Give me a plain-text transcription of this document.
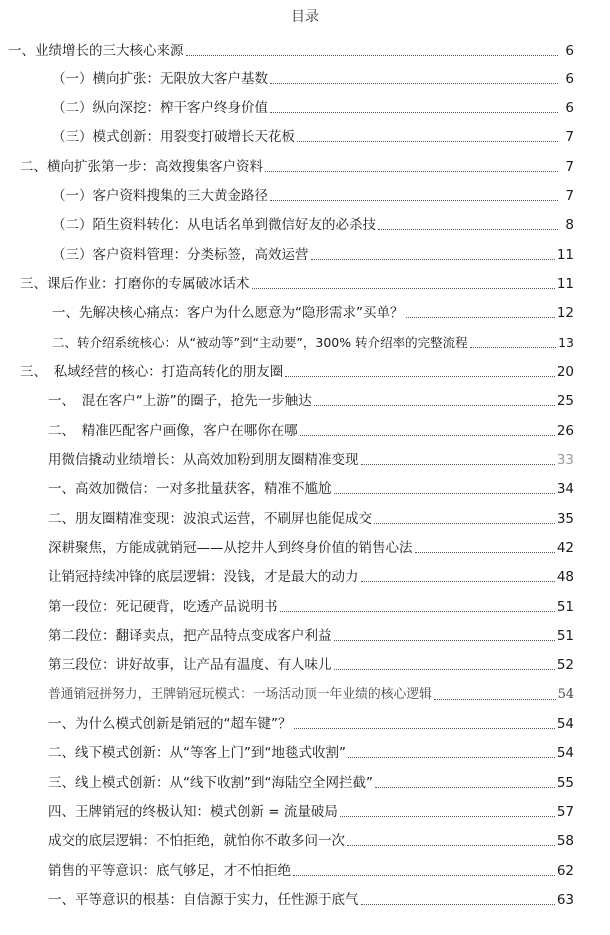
目录
一、业绩增长的三大核心来源	6
（一）横向扩张：无限放大客户基数	6
（二）纵向深挖：榨干客户终身价值	6
（三）模式创新：用裂变打破增长天花板	7
二、横向扩张第一步：高效搜集客户资料	7
（一）客户资料搜集的三大黄金路径	7
（二）陌生资料转化：从电话名单到微信好友的必杀技	8
（三）客户资料管理：分类标签，高效运营	11
三、课后作业：打磨你的专属破冰话术	11
一、先解决核心痛点：客户为什么愿意为“隐形需求”买单？	12
二、转介绍系统核心：从“被动等”到“主动要”，300% 转介绍率的完整流程	13
三、　私域经营的核心：打造高转化的朋友圈	20
一、　混在客户“上游”的圈子，抢先一步触达	25
二、　精准匹配客户画像，客户在哪你在哪	26
用微信撬动业绩增长：从高效加粉到朋友圈精准变现	33
一、高效加微信：一对多批量获客，精准不尴尬	34
二、朋友圈精准变现：波浪式运营，不刷屏也能促成交	35
深耕聚焦，方能成就销冠——从挖井人到终身价值的销售心法	42
让销冠持续冲锋的底层逻辑：没钱，才是最大的动力	48
第一段位：死记硬背，吃透产品说明书	51
第二段位：翻译卖点，把产品特点变成客户利益	51
第三段位：讲好故事，让产品有温度、有人味儿	52
普通销冠拼努力，王牌销冠玩模式：一场活动顶一年业绩的核心逻辑	54
一、为什么模式创新是销冠的“超车键”？	54
二、线下模式创新：从“等客上门”到“地毯式收割”	54
三、线上模式创新：从“线下收割”到“海陆空全网拦截”	55
四、王牌销冠的终极认知：模式创新 = 流量破局	57
成交的底层逻辑：不怕拒绝，就怕你不敢多问一次	58
销售的平等意识：底气够足，才不怕拒绝	62
一、平等意识的根基：自信源于实力，任性源于底气	63
